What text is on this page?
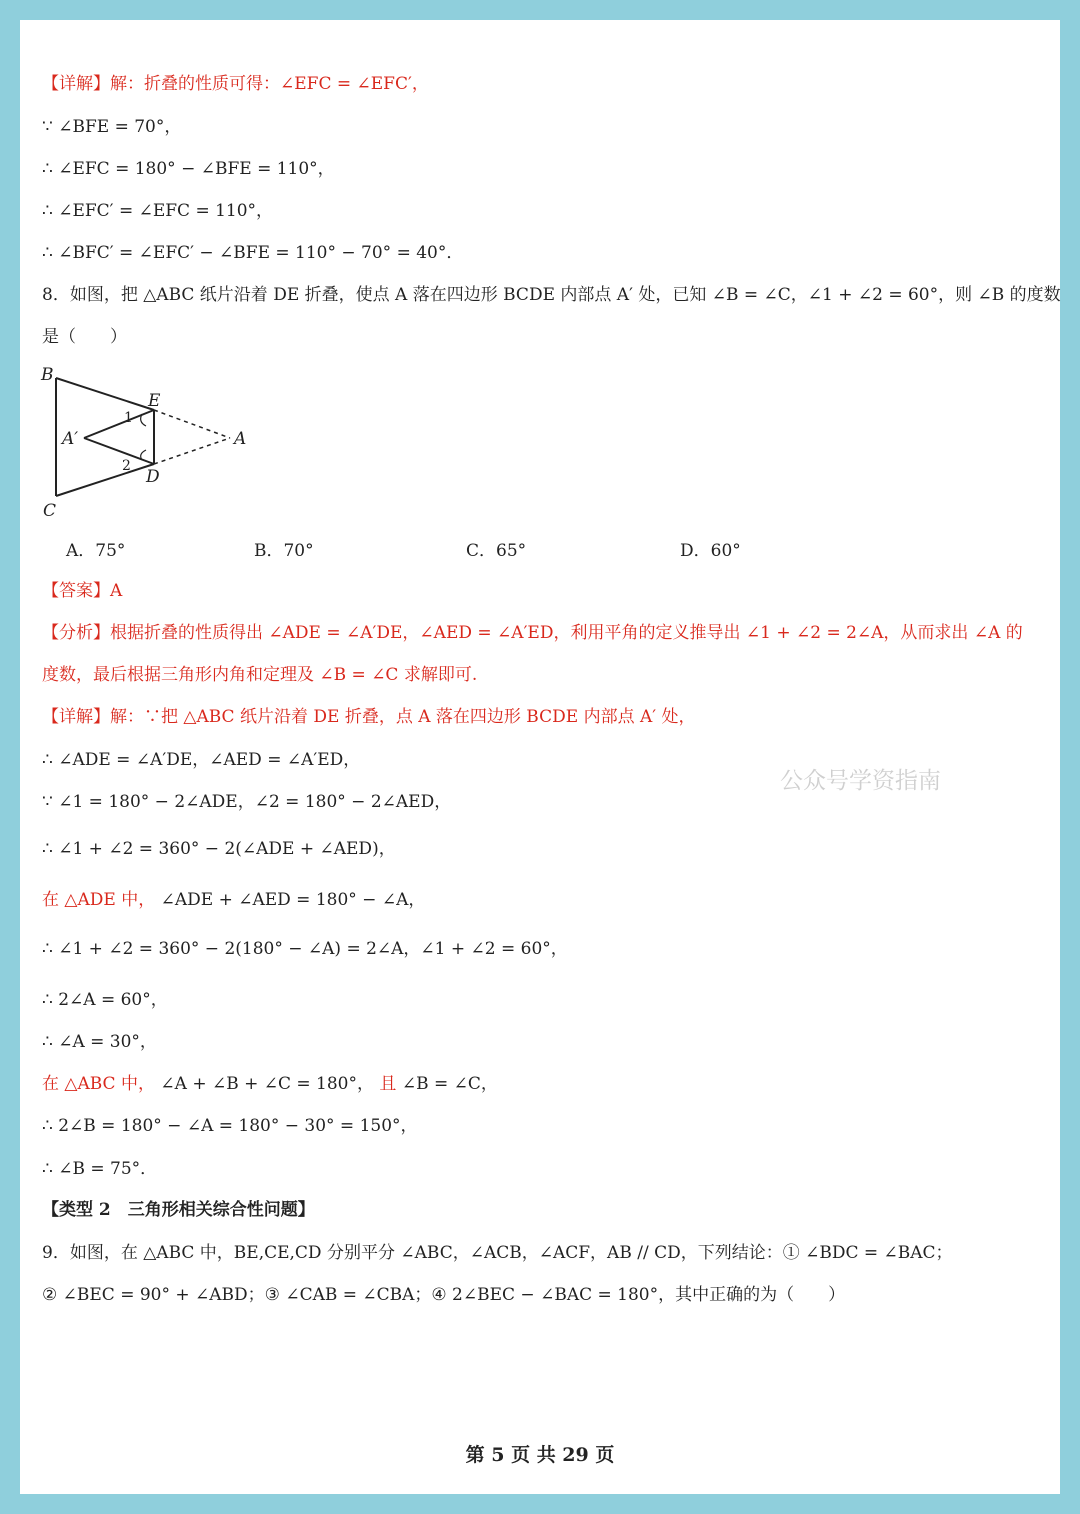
【详解】解：折叠的性质可得：∠EFC = ∠EFC′，
∵ ∠BFE = 70°，
∴ ∠EFC = 180° − ∠BFE = 110°，
∴ ∠EFC′ = ∠EFC = 110°，
∴ ∠BFC′ = ∠EFC′ − ∠BFE = 110° − 70° = 40°．
8．如图，把 △ABC 纸片沿着 DE 折叠，使点 A 落在四边形 BCDE 内部点 A′ 处，已知 ∠B = ∠C，∠1 + ∠2 = 60°，则 ∠B 的度数
是（　　）
B
C
E
D
A
A′
1
2
A．75°	B．70°	C．65°	D．60°
【答案】A
【分析】根据折叠的性质得出 ∠ADE = ∠A′DE，∠AED = ∠A′ED，利用平角的定义推导出 ∠1 + ∠2 = 2∠A，从而求出 ∠A 的
度数，最后根据三角形内角和定理及 ∠B = ∠C 求解即可.
【详解】解：∵把 △ABC 纸片沿着 DE 折叠，点 A 落在四边形 BCDE 内部点 A′ 处，
∴ ∠ADE = ∠A′DE，∠AED = ∠A′ED，
∵ ∠1 = 180° − 2∠ADE，∠2 = 180° − 2∠AED，
∴ ∠1 + ∠2 = 360° − 2(∠ADE + ∠AED)，
在 △ADE 中， ∠ADE + ∠AED = 180° − ∠A，
∴ ∠1 + ∠2 = 360° − 2(180° − ∠A) = 2∠A，∠1 + ∠2 = 60°，
∴ 2∠A = 60°，
∴ ∠A = 30°，
在 △ABC 中， ∠A + ∠B + ∠C = 180°， 且 ∠B = ∠C，
∴ 2∠B = 180° − ∠A = 180° − 30° = 150°，
∴ ∠B = 75°．
【类型 2　三角形相关综合性问题】
9．如图，在 △ABC 中，BE,CE,CD 分别平分 ∠ABC，∠ACB，∠ACF，AB // CD，下列结论：① ∠BDC = ∠BAC；
② ∠BEC = 90° + ∠ABD；③ ∠CAB = ∠CBA；④ 2∠BEC − ∠BAC = 180°，其中正确的为（　　）
公众号学资指南
第 5 页 共 29 页
